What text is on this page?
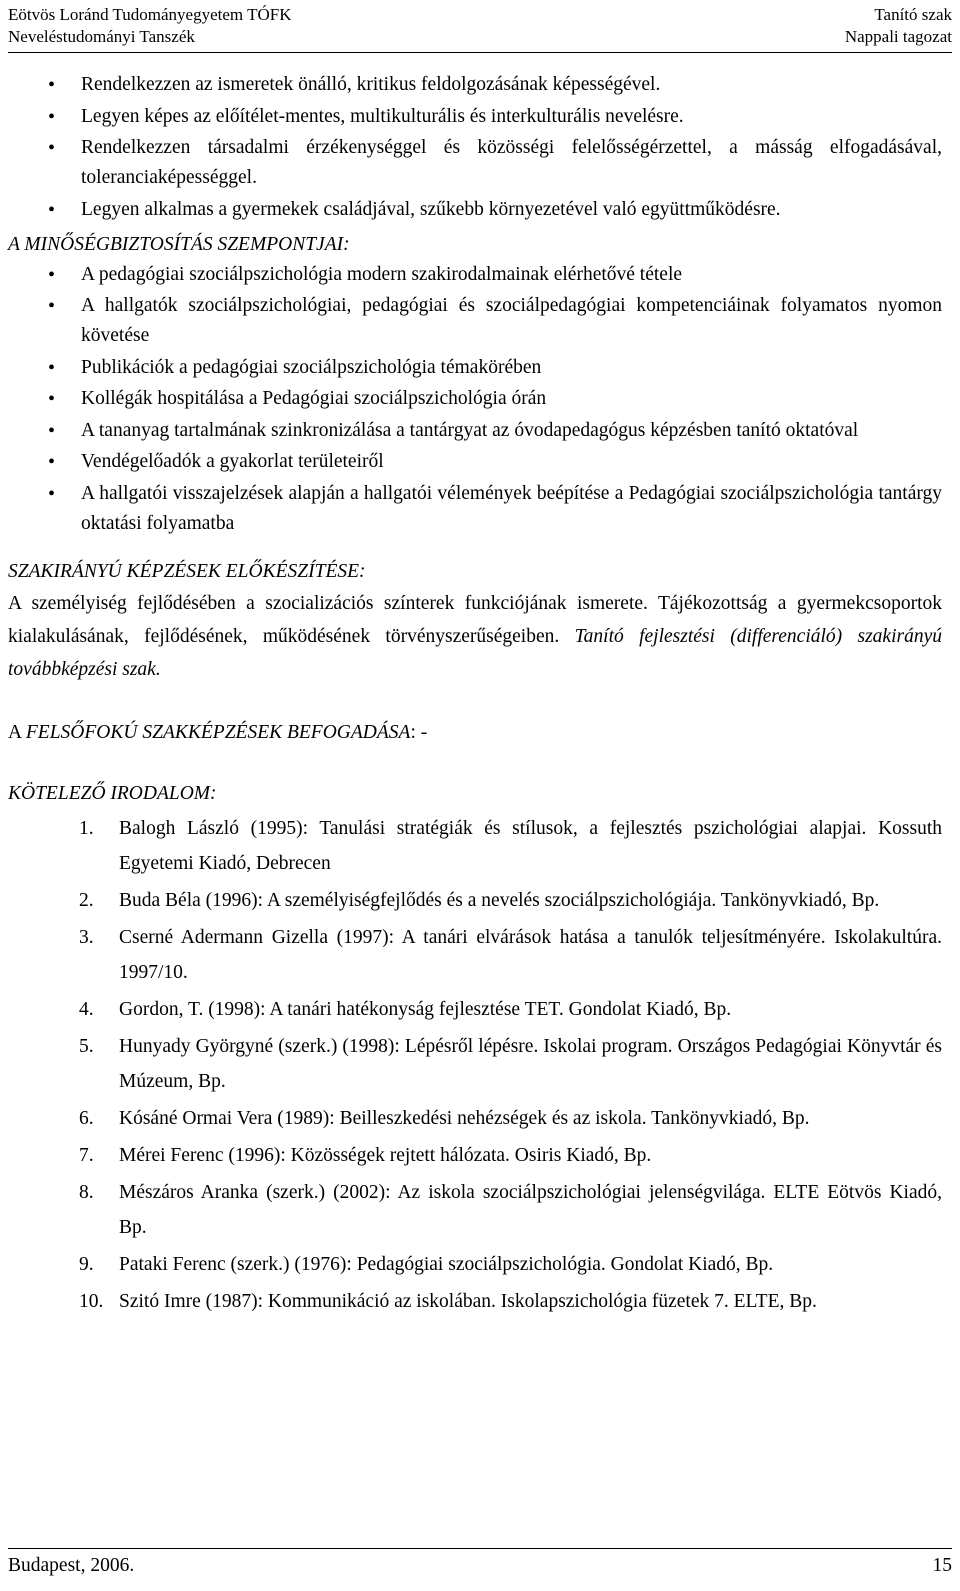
Eötvös Loránd Tudományegyetem TÓFK
Neveléstudományi Tanszék
Tanító szak
Nappali tagozat
• Rendelkezzen az ismeretek önálló, kritikus feldolgozásának képességével.
• Legyen képes az előítélet-mentes, multikulturális és interkulturális nevelésre.
• Rendelkezzen társadalmi érzékenységgel és közösségi felelősségérzettel, a másság elfogadásával, toleranciaképességgel.
• Legyen alkalmas a gyermekek családjával, szűkebb környezetével való együttműködésre.

A MINŐSÉGBIZTOSÍTÁS SZEMPONTJAI:

• A pedagógiai szociálpszichológia modern szakirodalmainak elérhetővé tétele
• A hallgatók szociálpszichológiai, pedagógiai és szociálpedagógiai kompetenciáinak folyamatos nyomon követése
• Publikációk a pedagógiai szociálpszichológia témakörében
• Kollégák hospitálása a Pedagógiai szociálpszichológia órán
• A tananyag tartalmának szinkronizálása a tantárgyat az óvodapedagógus képzésben tanító oktatóval
• Vendégelőadók a gyakorlat területeiről
• A hallgatói visszajelzések alapján a hallgatói vélemények beépítése a Pedagógiai szociálpszichológia tantárgy oktatási folyamatba

SZAKIRÁNYÚ KÉPZÉSEK ELŐKÉSZÍTÉSE:

A személyiség fejlődésében a szocializációs színterek funkciójának ismerete. Tájékozottság a gyermekcsoportok kialakulásának, fejlődésének, működésének törvényszerűségeiben. Tanító fejlesztési (differenciáló) szakirányú továbbképzési szak.

A FELSŐFOKÚ SZAKKÉPZÉSEK BEFOGADÁSA: -

KÖTELEZŐ IRODALOM:

1. Balogh László (1995): Tanulási stratégiák és stílusok, a fejlesztés pszichológiai alapjai. Kossuth Egyetemi Kiadó, Debrecen
2. Buda Béla (1996): A személyiségfejlődés és a nevelés szociálpszichológiája. Tankönyvkiadó, Bp.
3. Cserné Adermann Gizella (1997): A tanári elvárások hatása a tanulók teljesítményére. Iskolakultúra. 1997/10.
4. Gordon, T. (1998): A tanári hatékonyság fejlesztése TET. Gondolat Kiadó, Bp.
5. Hunyady Györgyné (szerk.) (1998): Lépésről lépésre. Iskolai program. Országos Pedagógiai Könyvtár és Múzeum, Bp.
6. Kósáné Ormai Vera (1989): Beilleszkedési nehézségek és az iskola. Tankönyvkiadó, Bp.
7. Mérei Ferenc (1996): Közösségek rejtett hálózata. Osiris Kiadó, Bp.
8. Mészáros Aranka (szerk.) (2002): Az iskola szociálpszichológiai jelenségvilága. ELTE Eötvös Kiadó, Bp.
9. Pataki Ferenc (szerk.) (1976): Pedagógiai szociálpszichológia. Gondolat Kiadó, Bp.
10. Szitó Imre (1987): Kommunikáció az iskolában. Iskolapszichológia füzetek 7. ELTE, Bp.
Budapest, 2006.	15
